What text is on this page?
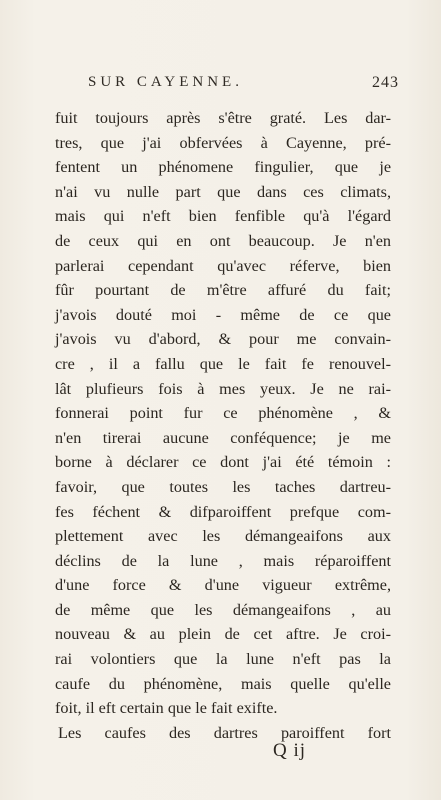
SUR CAYENNE.	243
fuit toujours après s'être graté. Les dar-
tres, que j'ai obfervées à Cayenne, pré-
fentent un phénomene fingulier, que je
n'ai vu nulle part que dans ces climats,
mais qui n'eft bien fenfible qu'à l'égard
de ceux qui en ont beaucoup. Je n'en
parlerai cependant qu'avec réferve, bien
fûr pourtant de m'être affuré du fait;
j'avois douté moi - même de ce que
j'avois vu d'abord, & pour me convain-
cre , il a fallu que le fait fe renouvel-
lât plufieurs fois à mes yeux. Je ne rai-
fonnerai point fur ce phénomène , &
n'en tirerai aucune conféquence; je me
borne à déclarer ce dont j'ai été témoin :
favoir, que toutes les taches dartreu-
fes féchent & difparoiffent prefque com-
plettement avec les démangeaifons aux
déclins de la lune , mais réparoiffent
d'une force & d'une vigueur extrême,
de même que les démangeaifons , au
nouveau & au plein de cet aftre. Je croi-
rai volontiers que la lune n'eft pas la
caufe du phénomène, mais quelle qu'elle
foit, il eft certain que le fait exifte.
Les caufes des dartres paroiffent fort
Q ij
